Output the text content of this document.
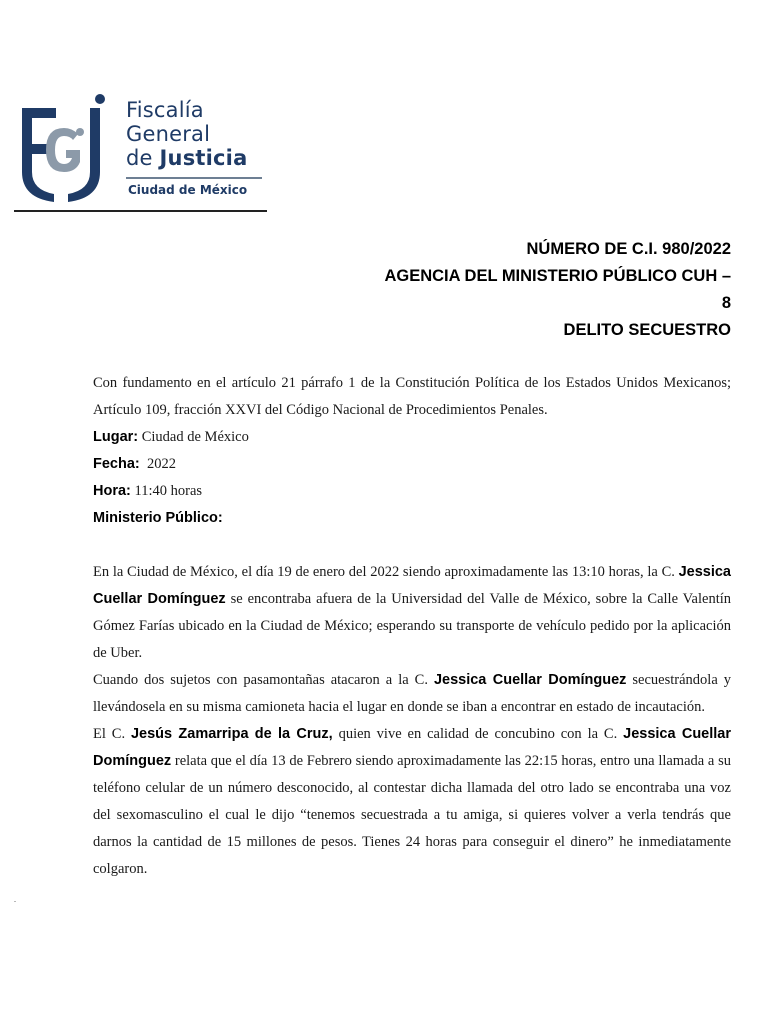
Fiscalía
General
de Justicia
Ciudad de México
NÚMERO DE C.I. 980/2022
AGENCIA DEL MINISTERIO PÚBLICO CUH –
8
DELITO SECUESTRO

Con fundamento en el artículo 21 párrafo 1 de la Constitución Política de los Estados Unidos Mexicanos; Artículo 109, fracción XXVI del Código Nacional de Procedimientos Penales.

Lugar: Ciudad de México

Fecha:  2022

Hora: 11:40 horas

Ministerio Público:

En la Ciudad de México, el día 19 de enero del 2022 siendo aproximadamente las 13:10 horas, la C. Jessica Cuellar Domínguez se encontraba afuera de la Universidad del Valle de México, sobre la Calle Valentín Gómez Farías ubicado en la Ciudad de México; esperando su transporte de vehículo pedido por la aplicación de Uber.

Cuando dos sujetos con pasamontañas atacaron a la C. Jessica Cuellar Domínguez secuestrándola y llevándosela en su misma camioneta hacia el lugar en donde se iban a encontrar en estado de incautación.

El C. Jesús Zamarripa de la Cruz, quien vive en calidad de concubino con la C. Jessica Cuellar Domínguez relata que el día 13 de Febrero siendo aproximadamente las 22:15 horas, entro una llamada a su teléfono celular de un número desconocido, al contestar dicha llamada del otro lado se encontraba una voz del sexomasculino el cual le dijo “tenemos secuestrada a tu amiga, si quieres volver a verla tendrás que darnos la cantidad de 15 millones de pesos. Tienes 24 horas para conseguir el dinero” he inmediatamente colgaron.

.
